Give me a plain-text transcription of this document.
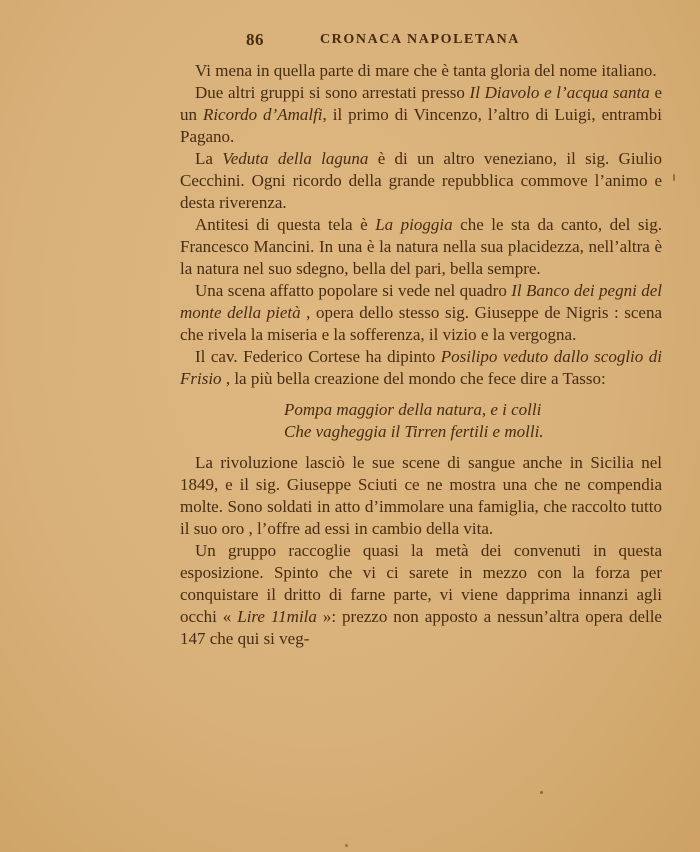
86	CRONACA NAPOLETANA

Vi mena in quella parte di mare che è tanta gloria del nome italiano.

Due altri gruppi si sono arrestati presso Il Diavolo e l’acqua santa e un Ricordo d’Amalfi, il primo di Vincenzo, l’altro di Luigi, entrambi Pagano.

La Veduta della laguna è di un altro veneziano, il sig. Giulio Cecchini. Ogni ricordo della grande repubblica commove l’animo e desta riverenza.

Antitesi di questa tela è La pioggia che le sta da canto, del sig. Francesco Mancini. In una è la natura nella sua placidezza, nell’altra è la natura nel suo sdegno, bella del pari, bella sempre.

Una scena affatto popolare si vede nel quadro Il Banco dei pegni del monte della pietà , opera dello stesso sig. Giuseppe de Nigris : scena che rivela la miseria e la sofferenza, il vizio e la vergogna.

Il cav. Federico Cortese ha dipinto Posilipo veduto dallo scoglio di Frisio , la più bella creazione del mondo che fece dire a Tasso:

Pompa maggior della natura, e i colli
Che vagheggia il Tirren fertili e molli.

La rivoluzione lasciò le sue scene di sangue anche in Sicilia nel 1849, e il sig. Giuseppe Sciuti ce ne mostra una che ne compendia molte. Sono soldati in atto d’immolare una famiglia, che raccolto tutto il suo oro , l’offre ad essi in cambio della vita.

Un gruppo raccoglie quasi la metà dei convenuti in questa esposizione. Spinto che vi ci sarete in mezzo con la forza per conquistare il dritto di farne parte, vi viene dapprima innanzi agli occhi « Lire 11mila »: prezzo non apposto a nessun’altra opera delle 147 che qui si veg-
